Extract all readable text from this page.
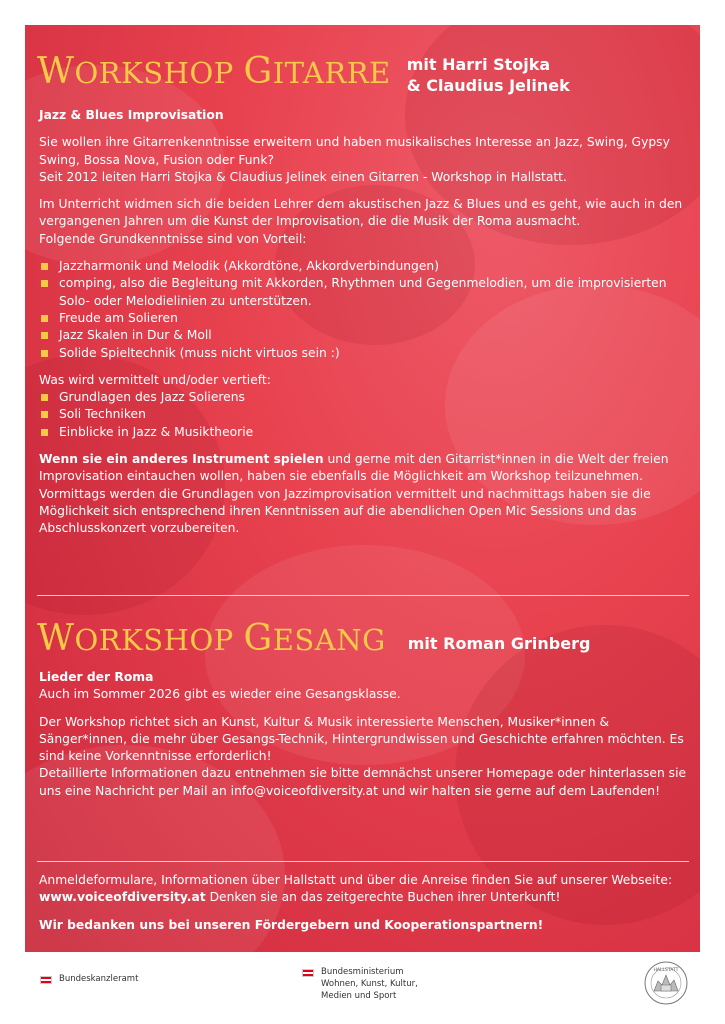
WORKSHOP GITARRE mit Harri Stojka
& Claudius Jelinek

Jazz & Blues Improvisation

Sie wollen ihre Gitarrenkenntnisse erweitern und haben musikalisches Interesse an Jazz, Swing, Gypsy Swing, Bossa Nova, Fusion oder Funk?

Seit 2012 leiten Harri Stojka & Claudius Jelinek einen Gitarren - Workshop in Hallstatt.

Im Unterricht widmen sich die beiden Lehrer dem akustischen Jazz & Blues und es geht, wie auch in den vergangenen Jahren um die Kunst der Improvisation, die die Musik der Roma ausmacht.

Folgende Grundkenntnisse sind von Vorteil:

Jazzharmonik und Melodik (Akkordtöne, Akkordverbindungen)
comping, also die Begleitung mit Akkorden, Rhythmen und Gegenmelodien, um die improvisierten Solo- oder Melodielinien zu unterstützen.
Freude am Solieren
Jazz Skalen in Dur & Moll
Solide Spieltechnik (muss nicht virtuos sein :)

Was wird vermittelt und/oder vertieft:

Grundlagen des Jazz Solierens
Soli Techniken
Einblicke in Jazz & Musiktheorie

Wenn sie ein anderes Instrument spielen und gerne mit den Gitarrist*innen in die Welt der freien Improvisation eintauchen wollen, haben sie ebenfalls die Möglichkeit am Workshop teilzunehmen. Vormittags werden die Grundlagen von Jazzimprovisation vermittelt und nachmittags haben sie die Möglichkeit sich entsprechend ihren Kenntnissen auf die abendlichen Open Mic Sessions und das Abschlusskonzert vorzubereiten.

WORKSHOP GESANG mit Roman Grinberg

Lieder der Roma

Auch im Sommer 2026 gibt es wieder eine Gesangsklasse.

Der Workshop richtet sich an Kunst, Kultur & Musik interessierte Menschen, Musiker*innen & Sänger*innen, die mehr über Gesangs-Technik, Hintergrundwissen und Geschichte erfahren möchten. Es sind keine Vorkenntnisse erforderlich!

Detaillierte Informationen dazu entnehmen sie bitte demnächst unserer Homepage oder hinterlassen sie uns eine Nachricht per Mail an info@voiceofdiversity.at und wir halten sie gerne auf dem Laufenden!

Anmeldeformulare, Informationen über Hallstatt und über die Anreise finden Sie auf unserer Webseite:
www.voiceofdiversity.at Denken sie an das zeitgerechte Buchen ihrer Unterkunft!

Wir bedanken uns bei unseren Fördergebern und Kooperationspartnern!

Bundeskanzleramt
Bundesministerium
Wohnen, Kunst, Kultur,
Medien und Sport
HALLSTATT
